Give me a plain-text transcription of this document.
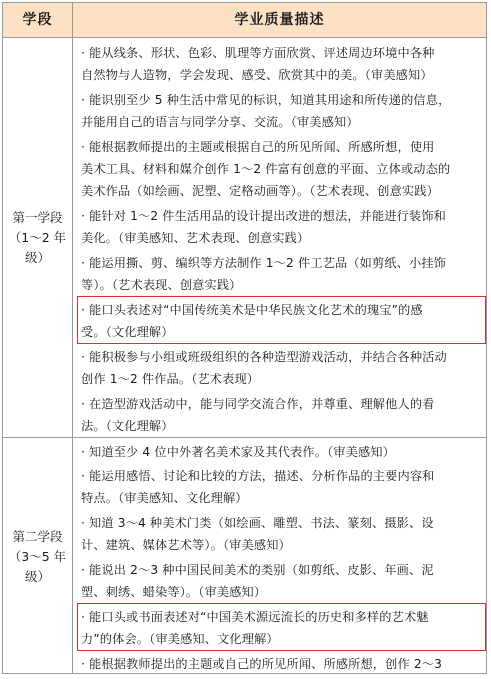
学段	学业质量描述
第一学段
（1～2 年级）
· 能从线条、形状、色彩、肌理等方面欣赏、评述周边环境中各种
自然物与人造物，学会发现、感受、欣赏其中的美。（审美感知）
· 能识别至少 5 种生活中常见的标识，知道其用途和所传递的信息，
并能用自己的语言与同学分享、交流。（审美感知）
· 能根据教师提出的主题或根据自己的所见所闻、所感所想，使用
美术工具、材料和媒介创作 1～2 件富有创意的平面、立体或动态的
美术作品（如绘画、泥塑、定格动画等）。（艺术表现、创意实践）
· 能针对 1～2 件生活用品的设计提出改进的想法，并能进行装饰和
美化。（审美感知、艺术表现、创意实践）
· 能运用撕、剪、编织等方法制作 1～2 件工艺品（如剪纸、小挂饰
等）。（艺术表现、创意实践）
· 能口头表述对“中国传统美术是中华民族文化艺术的瑰宝”的感
受。（文化理解）
· 能积极参与小组或班级组织的各种造型游戏活动，并结合各种活动
创作 1～2 件作品。（艺术表现）
· 在造型游戏活动中，能与同学交流合作，并尊重、理解他人的看
法。（文化理解）
第二学段
（3～5 年级）
· 知道至少 4 位中外著名美术家及其代表作。（审美感知）
· 能运用感悟、讨论和比较的方法，描述、分析作品的主要内容和
特点。（审美感知、文化理解）
· 知道 3～4 种美术门类（如绘画、雕塑、书法、篆刻、摄影、设
计、建筑、媒体艺术等）。（审美感知）
· 能说出 2～3 种中国民间美术的类别（如剪纸、皮影、年画、泥
塑、刺绣、蜡染等）。（审美感知）
· 能口头或书面表述对“中国美术源远流长的历史和多样的艺术魅
力”的体会。（审美感知、文化理解）
· 能根据教师提出的主题或自己的所见所闻、所感所想，创作 2～3
